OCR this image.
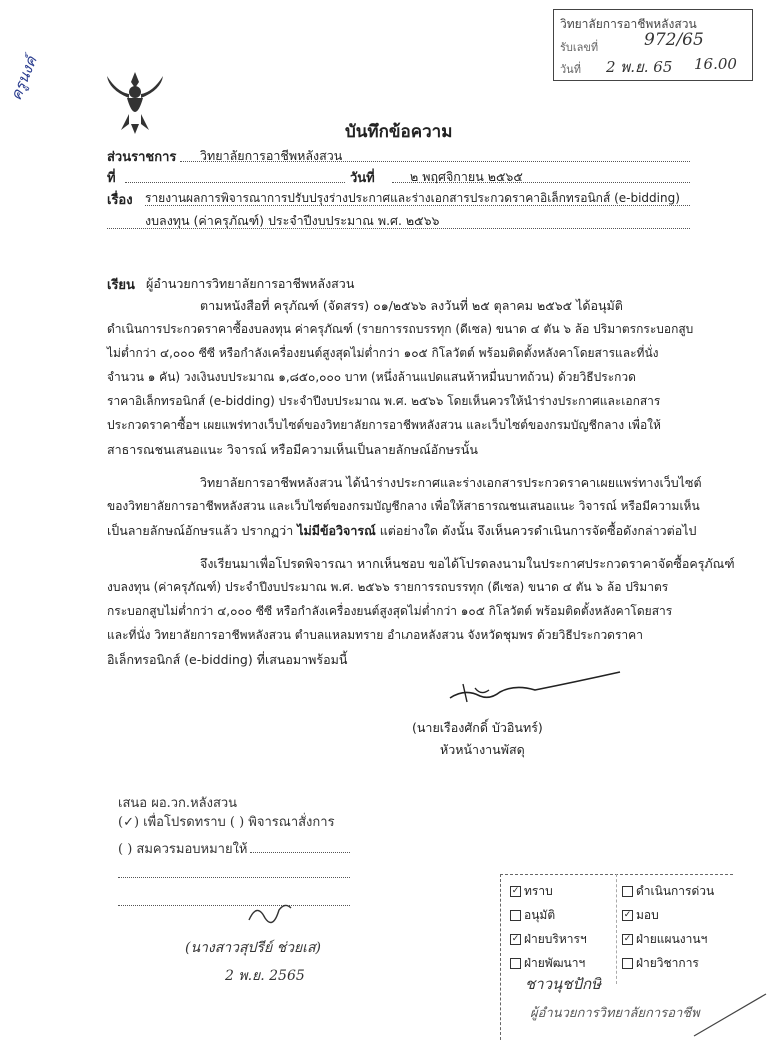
ครูนงค์
วิทยาลัยการอาชีพหลังสวน
รับเลขที่	972/65
วันที่ 2 พ.ย. 65 16.00
บันทึกข้อความ
ส่วนราชการ วิทยาลัยการอาชีพหลังสวน
ที่	วันที่	๒ พฤศจิกายน ๒๕๖๕
เรื่อง รายงานผลการพิจารณาการปรับปรุงร่างประกาศและร่างเอกสารประกวดราคาอิเล็กทรอนิกส์ (e-bidding)
งบลงทุน (ค่าครุภัณฑ์) ประจำปีงบประมาณ พ.ศ. ๒๕๖๖
เรียน ผู้อำนวยการวิทยาลัยการอาชีพหลังสวน
ตามหนังสือที่ ครุภัณฑ์ (จัดสรร) ๐๑/๒๕๖๖ ลงวันที่ ๒๕ ตุลาคม ๒๕๖๕ ได้อนุมัติ
ดำเนินการประกวดราคาซื้องบลงทุน ค่าครุภัณฑ์ (รายการรถบรรทุก (ดีเซล) ขนาด ๔ ตัน ๖ ล้อ ปริมาตรกระบอกสูบ
ไม่ต่ำกว่า ๔,๐๐๐ ซีซี หรือกำลังเครื่องยนต์สูงสุดไม่ต่ำกว่า ๑๐๕ กิโลวัตต์ พร้อมติดตั้งหลังคาโดยสารและที่นั่ง
จำนวน ๑ คัน) วงเงินงบประมาณ ๑,๘๕๐,๐๐๐ บาท (หนึ่งล้านแปดแสนห้าหมื่นบาทถ้วน) ด้วยวิธีประกวด
ราคาอิเล็กทรอนิกส์ (e-bidding) ประจำปีงบประมาณ พ.ศ. ๒๕๖๖ โดยเห็นควรให้นำร่างประกาศและเอกสาร
ประกวดราคาซื้อฯ เผยแพร่ทางเว็บไซต์ของวิทยาลัยการอาชีพหลังสวน และเว็บไซต์ของกรมบัญชีกลาง เพื่อให้
สาธารณชนเสนอแนะ วิจารณ์ หรือมีความเห็นเป็นลายลักษณ์อักษรนั้น
วิทยาลัยการอาชีพหลังสวน ได้นำร่างประกาศและร่างเอกสารประกวดราคาเผยแพร่ทางเว็บไซต์
ของวิทยาลัยการอาชีพหลังสวน และเว็บไซต์ของกรมบัญชีกลาง เพื่อให้สาธารณชนเสนอแนะ วิจารณ์ หรือมีความเห็น
เป็นลายลักษณ์อักษรแล้ว ปรากฏว่า ไม่มีข้อวิจารณ์ แต่อย่างใด ดังนั้น จึงเห็นควรดำเนินการจัดซื้อดังกล่าวต่อไป
จึงเรียนมาเพื่อโปรดพิจารณา หากเห็นชอบ ขอได้โปรดลงนามในประกาศประกวดราคาจัดซื้อครุภัณฑ์
งบลงทุน (ค่าครุภัณฑ์) ประจำปีงบประมาณ พ.ศ. ๒๕๖๖ รายการรถบรรทุก (ดีเซล) ขนาด ๔ ตัน ๖ ล้อ ปริมาตร
กระบอกสูบไม่ต่ำกว่า ๔,๐๐๐ ซีซี หรือกำลังเครื่องยนต์สูงสุดไม่ต่ำกว่า ๑๐๕ กิโลวัตต์ พร้อมติดตั้งหลังคาโดยสาร
และที่นั่ง วิทยาลัยการอาชีพหลังสวน ตำบลแหลมทราย อำเภอหลังสวน จังหวัดชุมพร ด้วยวิธีประกวดราคา
อิเล็กทรอนิกส์ (e-bidding) ที่เสนอมาพร้อมนี้
(นายเรืองศักดิ์ บัวอินทร์)
หัวหน้างานพัสดุ
เสนอ ผอ.วก.หลังสวน
(✓) เพื่อโปรดทราบ ( ) พิจารณาสั่งการ
( ) สมควรมอบหมายให้
(นางสาวสุปรีย์ ช่วยเส)
2 พ.ย. 2565
✓ ทราบ	ดำเนินการด่วน
อนุมัติ	✓ มอบ
✓ ฝ่ายบริหารฯ	✓ ฝ่ายแผนงานฯ
ฝ่ายพัฒนาฯ	ฝ่ายวิชาการ
ชาวนุชปักษิ
ผู้อำนวยการวิทยาลัยการอาชีพ
